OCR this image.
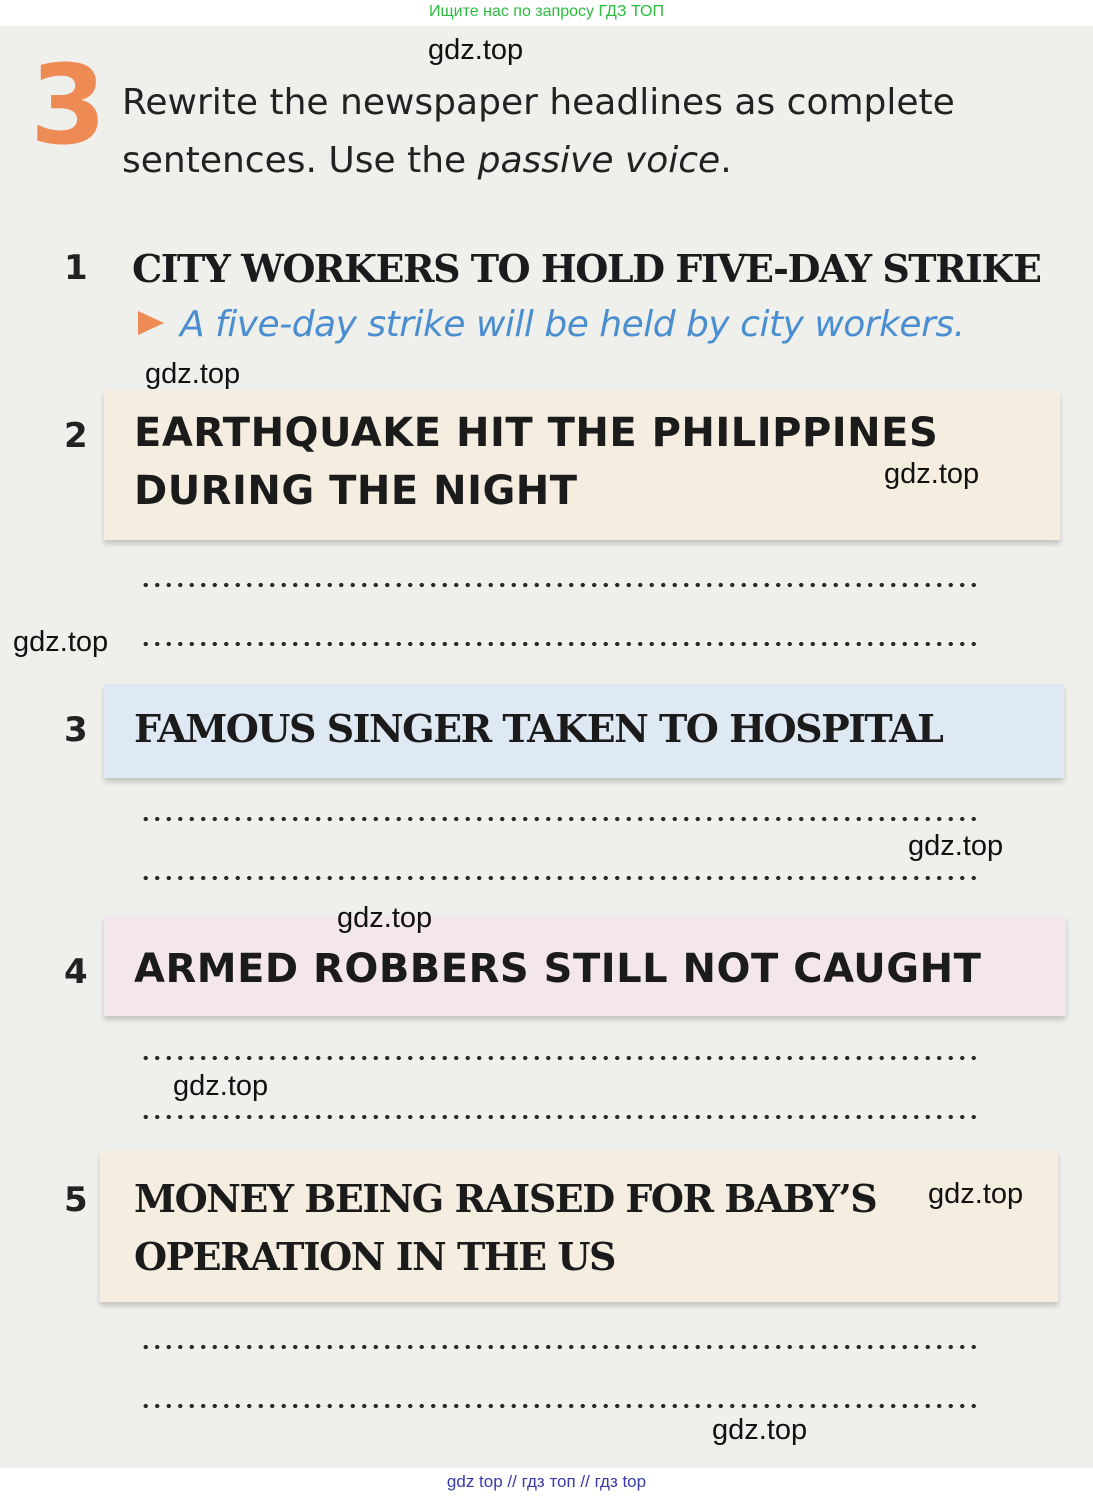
Ищите нас по запросу ГДЗ ТОП
3 Rewrite the newspaper headlines as complete
sentences. Use the passive voice.
1 CITY WORKERS TO HOLD FIVE-DAY STRIKE
A five-day strike will be held by city workers.
EARTHQUAKE HIT THE PHILIPPINES
DURING THE NIGHT
2
FAMOUS SINGER TAKEN TO HOSPITAL
3
ARMED ROBBERS STILL NOT CAUGHT
4
MONEY BEING RAISED FOR BABY’S
OPERATION IN THE US
5
gdz.top
gdz.top
gdz.top
gdz.top
gdz.top
gdz.top
gdz.top
gdz.top
gdz.top
gdz top // гдз топ // гдз top
